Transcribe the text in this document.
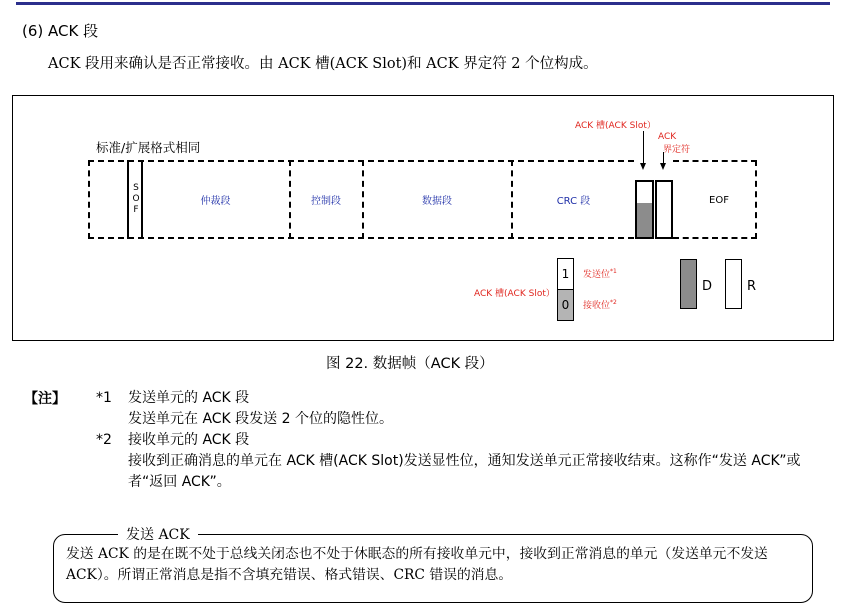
(6) ACK 段
ACK 段用来确认是否正常接收。由 ACK 槽(ACK Slot)和 ACK 界定符 2 个位构成。
标准/扩展格式相同
S
O
F
仲裁段	控制段	数据段	CRC 段	EOF
ACK 槽(ACK Slot）
ACK
界定符
ACK 槽(ACK Slot）
1
0
发送位$^{*1}$
接收位$^{*2}$
D	R
图 22. 数据帧（ACK 段）
【注】 *1 发送单元的 ACK 段
发送单元在 ACK 段发送 2 个位的隐性位。
*2 接收单元的 ACK 段
接收到正确消息的单元在 ACK 槽(ACK Slot)发送显性位，通知发送单元正常接收结束。这称作“发送 ACK”或者“返回 ACK”。
发送 ACK
发送 ACK 的是在既不处于总线关闭态也不处于休眠态的所有接收单元中，接收到正常消息的单元（发送单元不发送 ACK）。所谓正常消息是指不含填充错误、格式错误、CRC 错误的消息。
